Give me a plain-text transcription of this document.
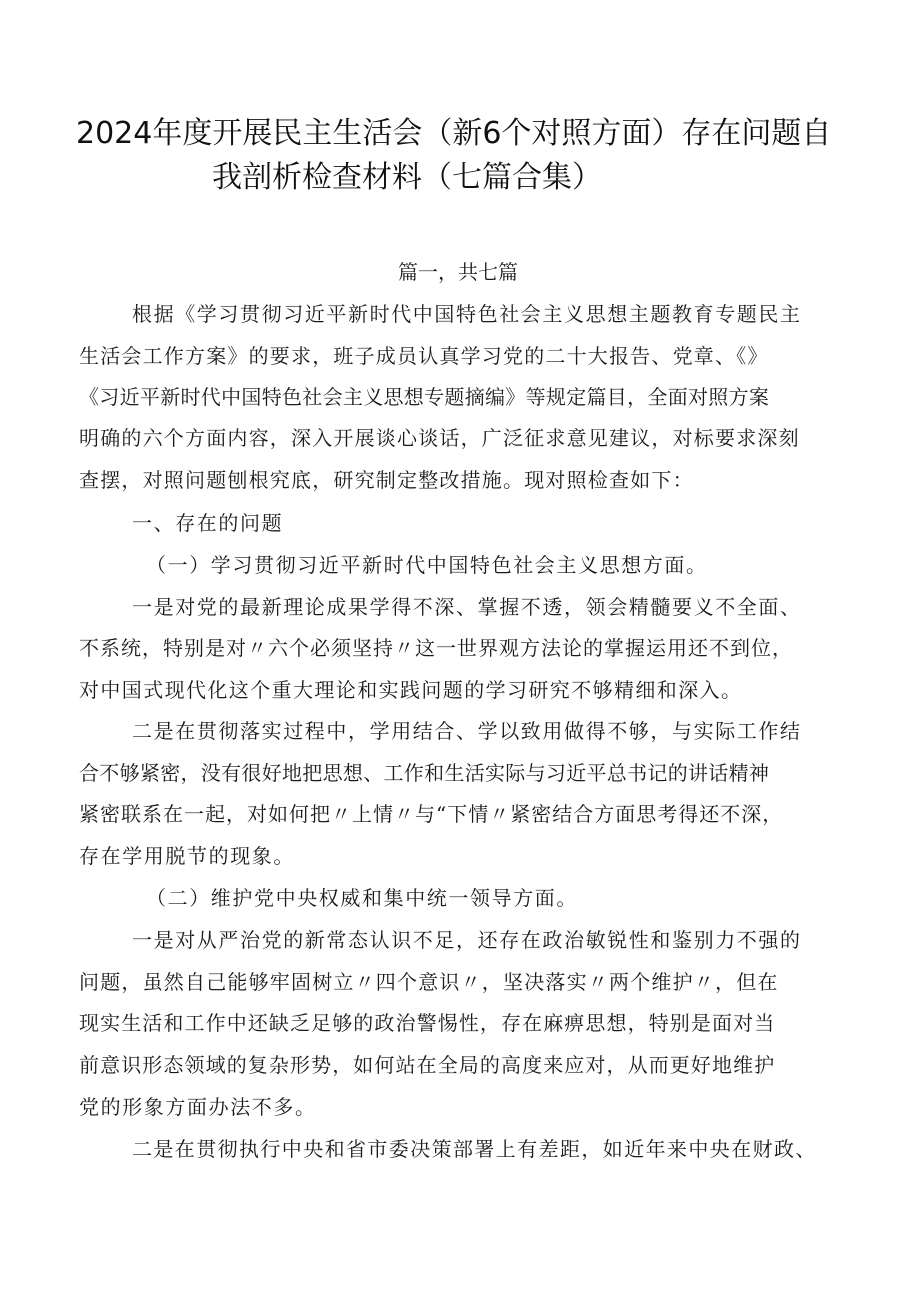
2024年度开展民主生活会（新6个对照方面）存在问题自
我剖析检查材料（七篇合集）
篇一，共七篇
根据《学习贯彻习近平新时代中国特色社会主义思想主题教育专题民主
生活会工作方案》的要求，班子成员认真学习党的二十大报告、党章、《》
《习近平新时代中国特色社会主义思想专题摘编》等规定篇目，全面对照方案
明确的六个方面内容，深入开展谈心谈话，广泛征求意见建议，对标要求深刻
查摆，对照问题刨根究底，研究制定整改措施。现对照检查如下：
一、存在的问题
（一）学习贯彻习近平新时代中国特色社会主义思想方面。
一是对党的最新理论成果学得不深、掌握不透，领会精髓要义不全面、
不系统，特别是对〃六个必须坚持〃这一世界观方法论的掌握运用还不到位，
对中国式现代化这个重大理论和实践问题的学习研究不够精细和深入。
二是在贯彻落实过程中，学用结合、学以致用做得不够，与实际工作结
合不够紧密，没有很好地把思想、工作和生活实际与习近平总书记的讲话精神
紧密联系在一起，对如何把〃上情〃与“下情〃紧密结合方面思考得还不深，
存在学用脱节的现象。
（二）维护党中央权威和集中统一领导方面。
一是对从严治党的新常态认识不足，还存在政治敏锐性和鉴别力不强的
问题，虽然自己能够牢固树立〃四个意识〃，坚决落实〃两个维护〃，但在
现实生活和工作中还缺乏足够的政治警惕性，存在麻痹思想，特别是面对当
前意识形态领域的复杂形势，如何站在全局的高度来应对，从而更好地维护
党的形象方面办法不多。
二是在贯彻执行中央和省市委决策部署上有差距，如近年来中央在财政、
